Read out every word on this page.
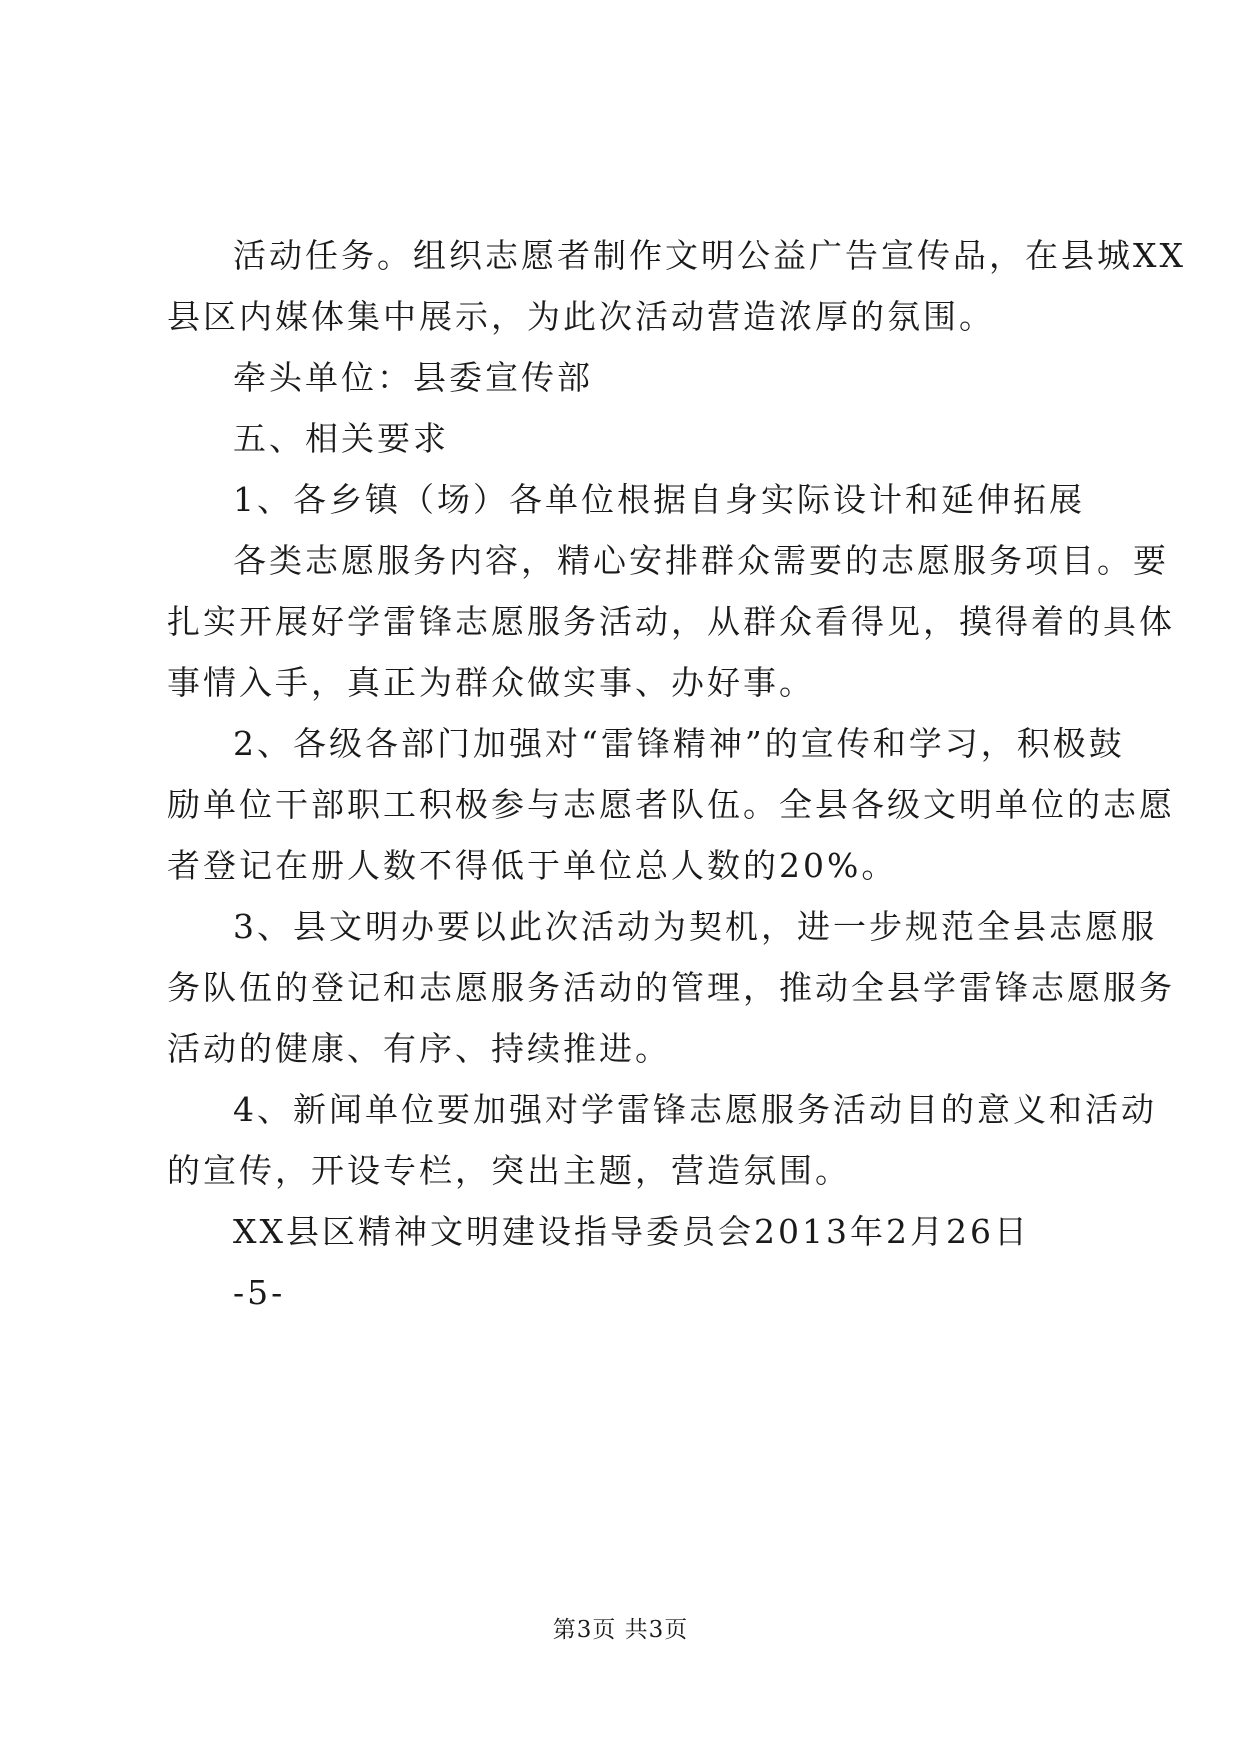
活动任务。组织志愿者制作文明公益广告宣传品，在县城XX

县区内媒体集中展示，为此次活动营造浓厚的氛围。

牵头单位：县委宣传部

五、相关要求

1、各乡镇（场）各单位根据自身实际设计和延伸拓展

各类志愿服务内容，精心安排群众需要的志愿服务项目。要

扎实开展好学雷锋志愿服务活动，从群众看得见，摸得着的具体

事情入手，真正为群众做实事、办好事。

2、各级各部门加强对“雷锋精神”的宣传和学习，积极鼓

励单位干部职工积极参与志愿者队伍。全县各级文明单位的志愿

者登记在册人数不得低于单位总人数的20%。

3、县文明办要以此次活动为契机，进一步规范全县志愿服

务队伍的登记和志愿服务活动的管理，推动全县学雷锋志愿服务

活动的健康、有序、持续推进。

4、新闻单位要加强对学雷锋志愿服务活动目的意义和活动

的宣传，开设专栏，突出主题，营造氛围。

XX县区精神文明建设指导委员会2013年2月26日

-5-

第3页 共3页
